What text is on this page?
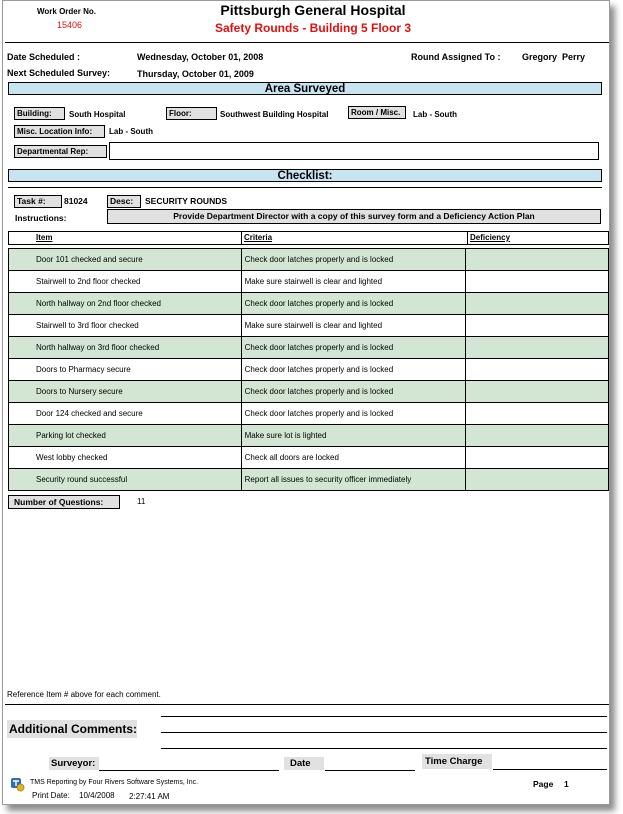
Work Order No.
15406
Pittsburgh General Hospital
Safety Rounds - Building 5 Floor 3
Date Scheduled :	Wednesday, October 01, 2008	Round Assigned To : Gregory  Perry
Next Scheduled Survey:	Thursday, October 01, 2009
Area Surveyed
Building:	South Hospital	Floor:	Southwest Building Hospital	Room / Misc.	Lab - South
Misc. Location Info:	Lab - South
Departmental Rep:
Checklist:
Task #:	81024	Desc:	SECURITY ROUNDS
Instructions:	Provide Department Director with a copy of this survey form and a Deficiency Action Plan
Item	Criteria	Deficiency
Door 101 checked and secure	Check door latches properly and is locked	
Stairwell to 2nd floor checked	Make sure stairwell is clear and lighted	
North hallway on 2nd floor checked	Check door latches properly and is locked	
Stairwell to 3rd floor checked	Make sure stairwell is clear and lighted	
North hallway on 3rd floor checked	Check door latches properly and is locked	
Doors to Pharmacy secure	Check door latches properly and is locked	
Doors to Nursery secure	Check door latches properly and is locked	
Door 124 checked and secure	Check door latches properly and is locked	
Parking lot checked	Make sure lot is lighted	
West lobby checked	Check all doors are locked	
Security round successful	Report all issues to security officer immediately	
Number of Questions:	11
Reference Item # above for each comment.
Additional Comments:
Surveyor:	Date	Time Charge
TMS Reporting by Four Rivers Software Systems, Inc.
Print Date: 10/4/2008 2:27:41 AM
Page 1
